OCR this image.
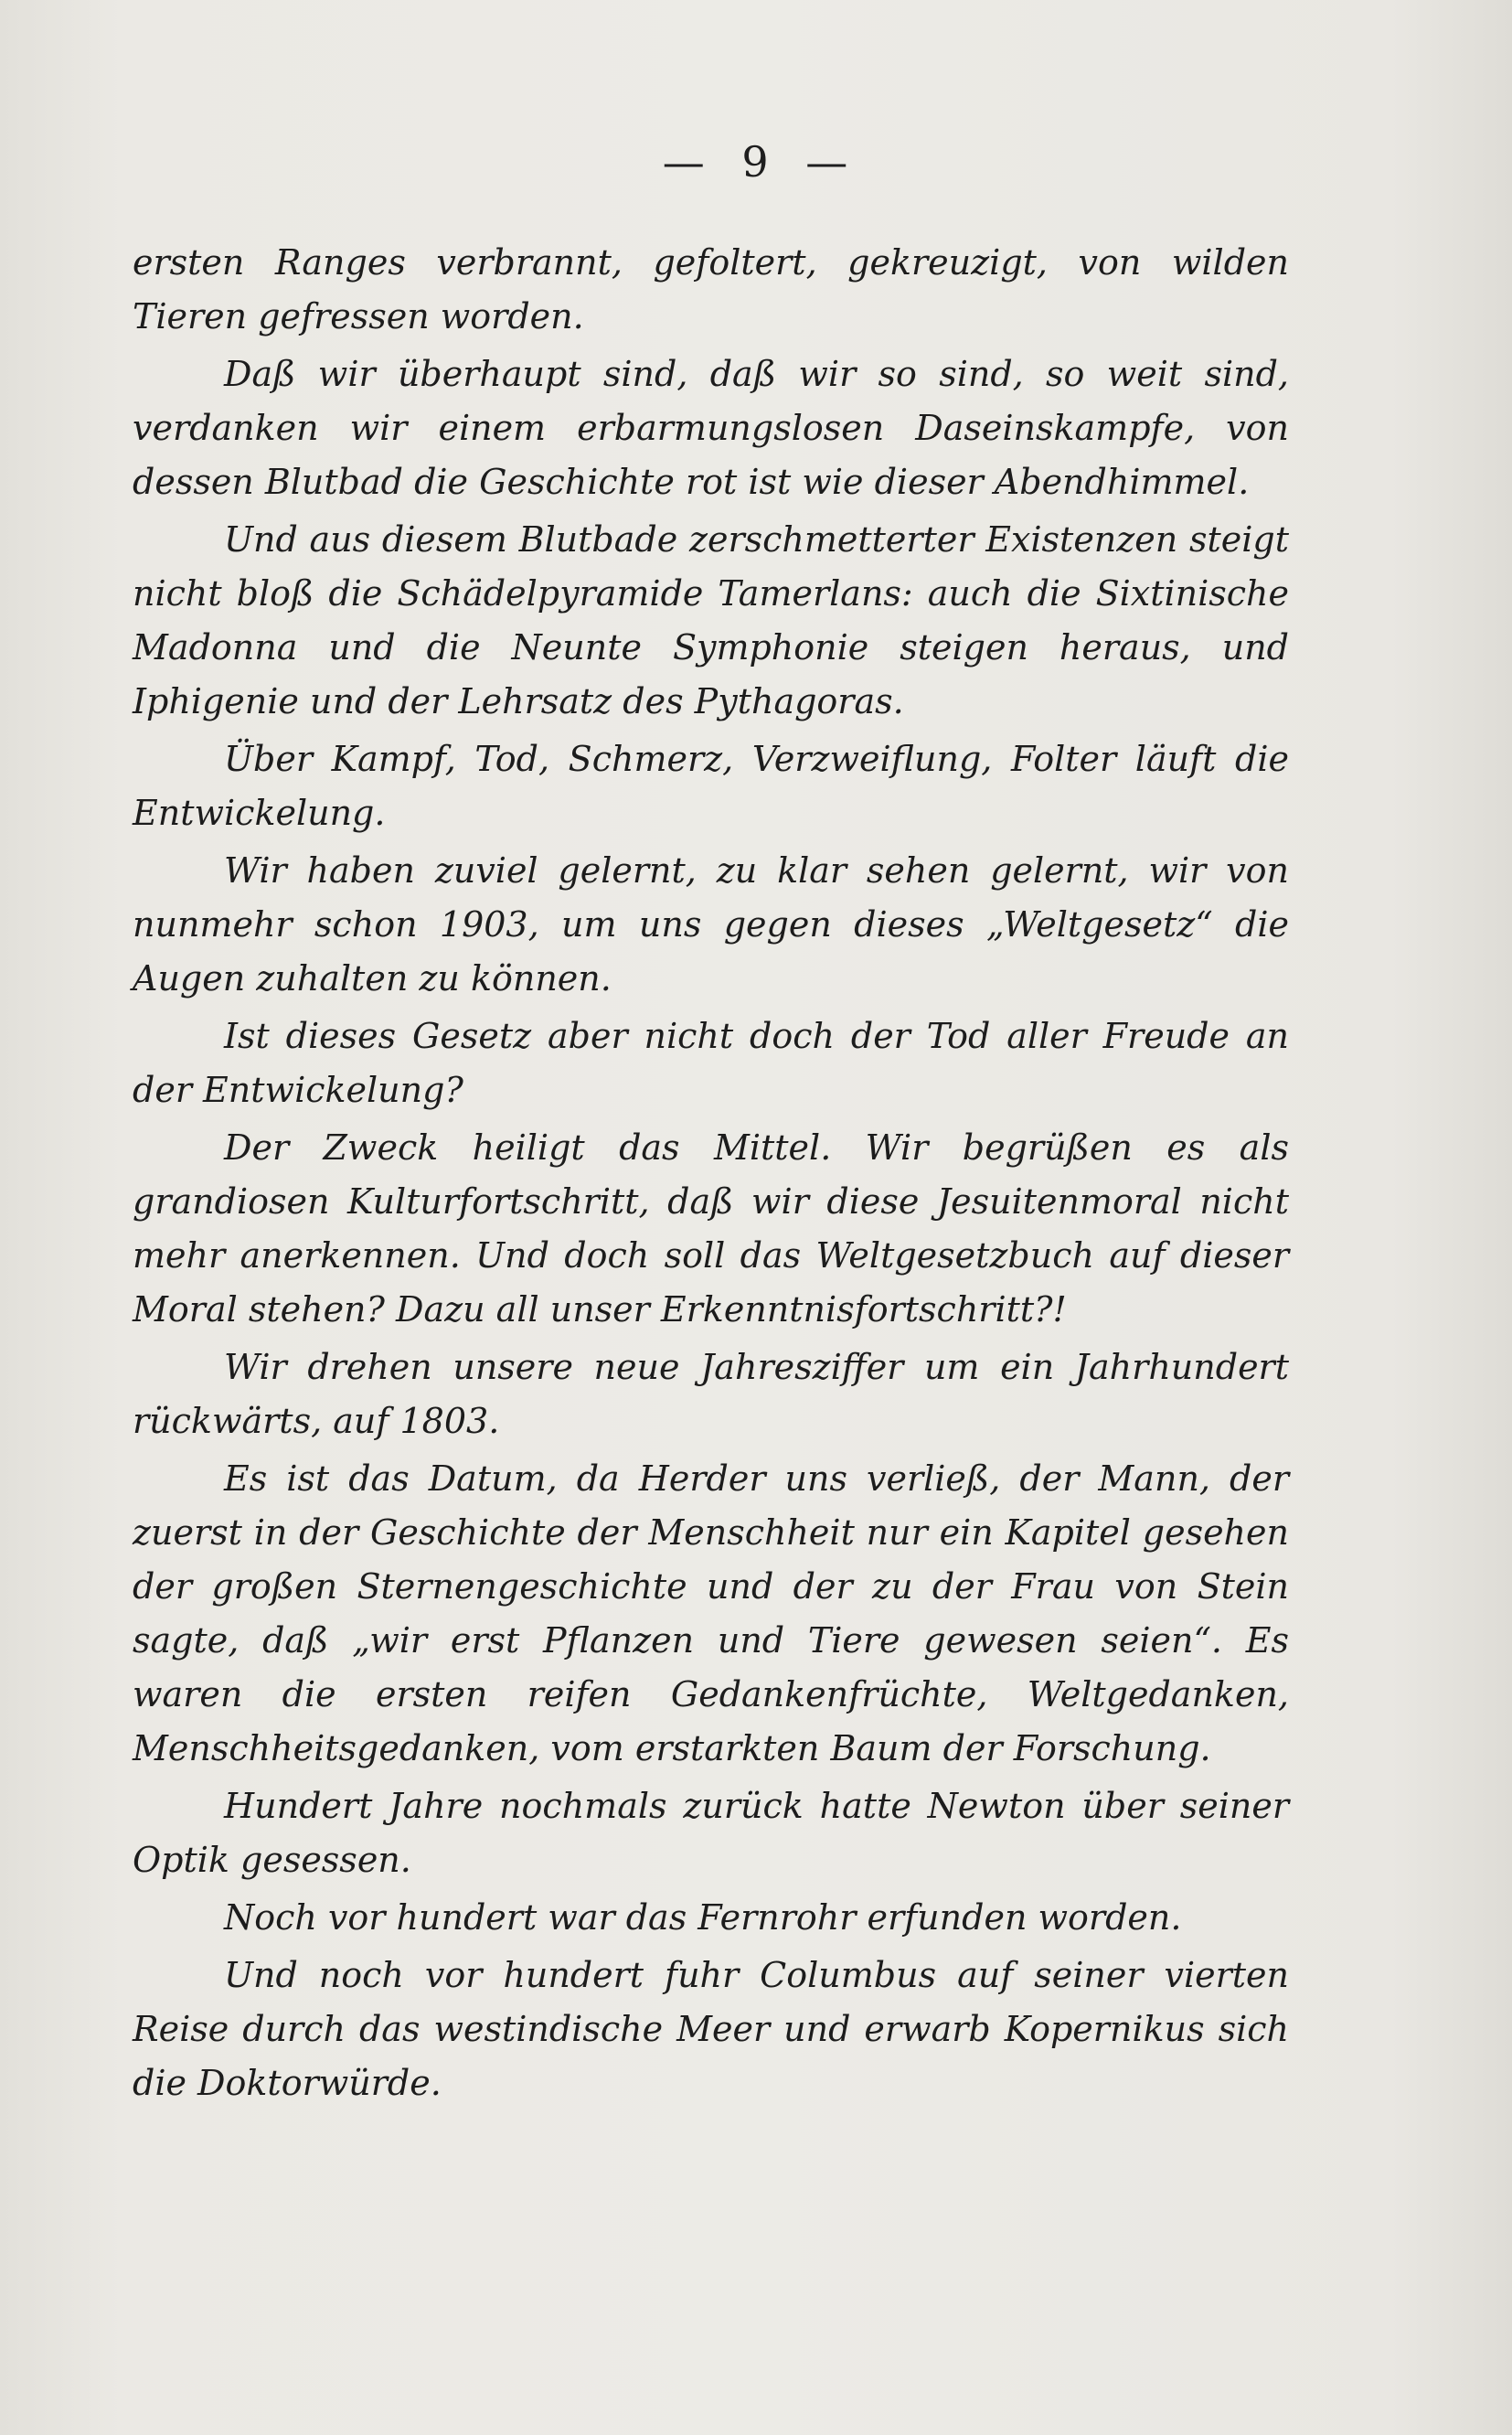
— 9 —

ersten Ranges verbrannt, gefoltert, gekreuzigt, von wilden Tieren gefressen worden.

Daß wir überhaupt sind, daß wir so sind, so weit sind, verdanken wir einem erbarmungslosen Daseinskampfe, von dessen Blutbad die Geschichte rot ist wie dieser Abendhimmel.

Und aus diesem Blutbade zerschmetterter Existenzen steigt nicht bloß die Schädelpyramide Tamerlans: auch die Sixtinische Madonna und die Neunte Symphonie steigen heraus, und Iphigenie und der Lehrsatz des Pythagoras.

Über Kampf, Tod, Schmerz, Verzweiflung, Folter läuft die Entwickelung.

Wir haben zuviel gelernt, zu klar sehen gelernt, wir von nunmehr schon 1903, um uns gegen dieses „Weltgesetz“ die Augen zuhalten zu können.

Ist dieses Gesetz aber nicht doch der Tod aller Freude an der Entwickelung?

Der Zweck heiligt das Mittel. Wir begrüßen es als grandiosen Kulturfortschritt, daß wir diese Jesuitenmoral nicht mehr anerkennen. Und doch soll das Weltgesetzbuch auf dieser Moral stehen? Dazu all unser Erkenntnisfortschritt?!

Wir drehen unsere neue Jahresziffer um ein Jahrhundert rückwärts, auf 1803.

Es ist das Datum, da Herder uns verließ, der Mann, der zuerst in der Geschichte der Menschheit nur ein Kapitel gesehen der großen Sternengeschichte und der zu der Frau von Stein sagte, daß „wir erst Pflanzen und Tiere gewesen seien“. Es waren die ersten reifen Gedankenfrüchte, Weltgedanken, Menschheitsgedanken, vom erstarkten Baum der Forschung.

Hundert Jahre nochmals zurück hatte Newton über seiner Optik gesessen.

Noch vor hundert war das Fernrohr erfunden worden.

Und noch vor hundert fuhr Columbus auf seiner vierten Reise durch das westindische Meer und erwarb Kopernikus sich die Doktorwürde.
